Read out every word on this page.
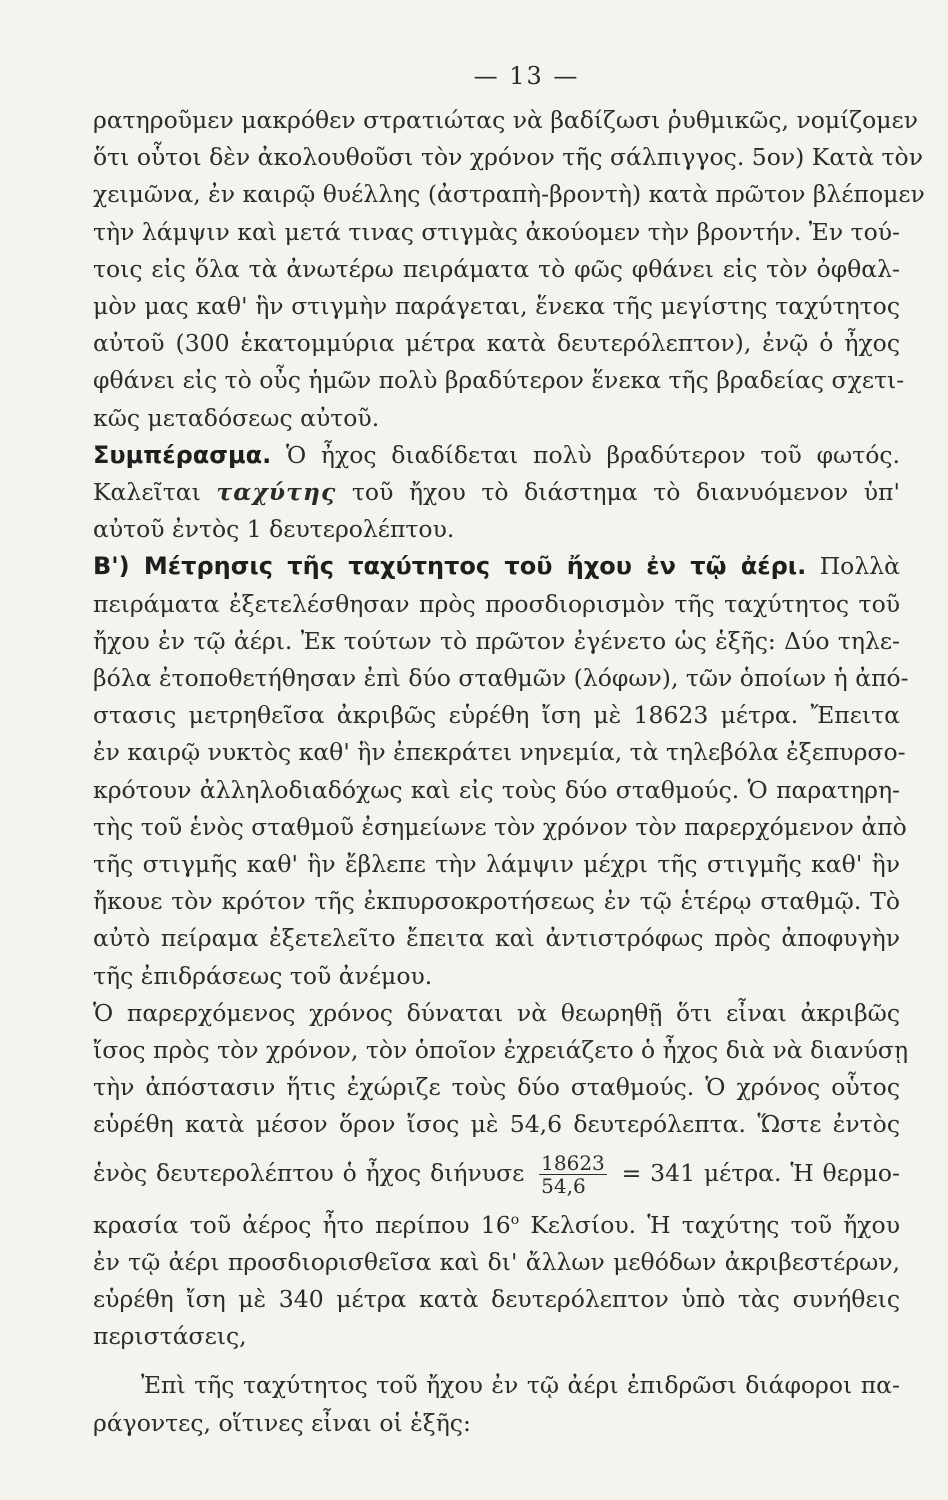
— 13 —
ρατηροῦμεν μακρόθεν στρατιώτας νὰ βαδίζωσι ῥυθμικῶς, νομίζομεν
ὅτι οὗτοι δὲν ἀκολουθοῦσι τὸν χρόνον τῆς σάλπιγγος. 5ον) Κατὰ τὸν
χειμῶνα, ἐν καιρῷ θυέλλης (ἀστραπὴ-βροντὴ) κατὰ πρῶτον βλέπομεν
τὴν λάμψιν καὶ μετά τινας στιγμὰς ἀκούομεν τὴν βροντήν. Ἐν τού-
τοις εἰς ὅλα τὰ ἀνωτέρω πειράματα τὸ φῶς φθάνει εἰς τὸν ὀφθαλ-
μὸν μας καθ' ἣν στιγμὴν παράγεται, ἕνεκα τῆς μεγίστης ταχύτητος
αὐτοῦ (300 ἑκατομμύρια μέτρα κατὰ δευτερόλεπτον), ἐνῷ ὁ ἦχος
φθάνει εἰς τὸ οὖς ἡμῶν πολὺ βραδύτερον ἕνεκα τῆς βραδείας σχετι-
κῶς μεταδόσεως αὐτοῦ.
Συμπέρασμα. Ὁ ἦχος διαδίδεται πολὺ βραδύτερον τοῦ φωτός.
Καλεῖται ταχύτης τοῦ ἤχου τὸ διάστημα τὸ διανυόμενον ὑπ'
αὐτοῦ ἐντὸς 1 δευτερολέπτου.
Β') Μέτρησις τῆς ταχύτητος τοῦ ἤχου ἐν τῷ ἀέρι. Πολλὰ
πειράματα ἐξετελέσθησαν πρὸς προσδιορισμὸν τῆς ταχύτητος τοῦ
ἤχου ἐν τῷ ἀέρι. Ἐκ τούτων τὸ πρῶτον ἐγένετο ὡς ἑξῆς: Δύο τηλε-
βόλα ἐτοποθετήθησαν ἐπὶ δύο σταθμῶν (λόφων), τῶν ὁποίων ἡ ἀπό-
στασις μετρηθεῖσα ἀκριβῶς εὑρέθη ἴση μὲ 18623 μέτρα. Ἔπειτα
ἐν καιρῷ νυκτὸς καθ' ἣν ἐπεκράτει νηνεμία, τὰ τηλεβόλα ἐξεπυρσο-
κρότουν ἀλληλοδιαδόχως καὶ εἰς τοὺς δύο σταθμούς. Ὁ παρατηρη-
τὴς τοῦ ἑνὸς σταθμοῦ ἐσημείωνε τὸν χρόνον τὸν παρερχόμενον ἀπὸ
τῆς στιγμῆς καθ' ἣν ἔβλεπε τὴν λάμψιν μέχρι τῆς στιγμῆς καθ' ἣν
ἤκουε τὸν κρότον τῆς ἐκπυρσοκροτήσεως ἐν τῷ ἑτέρῳ σταθμῷ. Τὸ
αὐτὸ πείραμα ἐξετελεῖτο ἔπειτα καὶ ἀντιστρόφως πρὸς ἀποφυγὴν
τῆς ἐπιδράσεως τοῦ ἀνέμου.
Ὁ παρερχόμενος χρόνος δύναται νὰ θεωρηθῇ ὅτι εἶναι ἀκριβῶς
ἴσος πρὸς τὸν χρόνον, τὸν ὁποῖον ἐχρειάζετο ὁ ἦχος διὰ νὰ διανύσῃ
τὴν ἀπόστασιν ἥτις ἐχώριζε τοὺς δύο σταθμούς. Ὁ χρόνος οὗτος
εὑρέθη κατὰ μέσον ὅρον ἴσος μὲ 54,6 δευτερόλεπτα. Ὥστε ἐντὸς
ἑνὸς δευτερολέπτου ὁ ἦχος διήνυσε $\frac{18623}{54,6} = 341$ μέτρα. Ἡ θερμο-
κρασία τοῦ ἀέρος ἦτο περίπου $16^o$ Κελσίου. Ἡ ταχύτης τοῦ ἤχου
ἐν τῷ ἀέρι προσδιορισθεῖσα καὶ δι' ἄλλων μεθόδων ἀκριβεστέρων,
εὑρέθη ἴση μὲ 340 μέτρα κατὰ δευτερόλεπτον ὑπὸ τὰς συνήθεις
περιστάσεις,
Ἐπὶ τῆς ταχύτητος τοῦ ἤχου ἐν τῷ ἀέρι ἐπιδρῶσι διάφοροι πα-
ράγοντες, οἵτινες εἶναι οἱ ἑξῆς:
